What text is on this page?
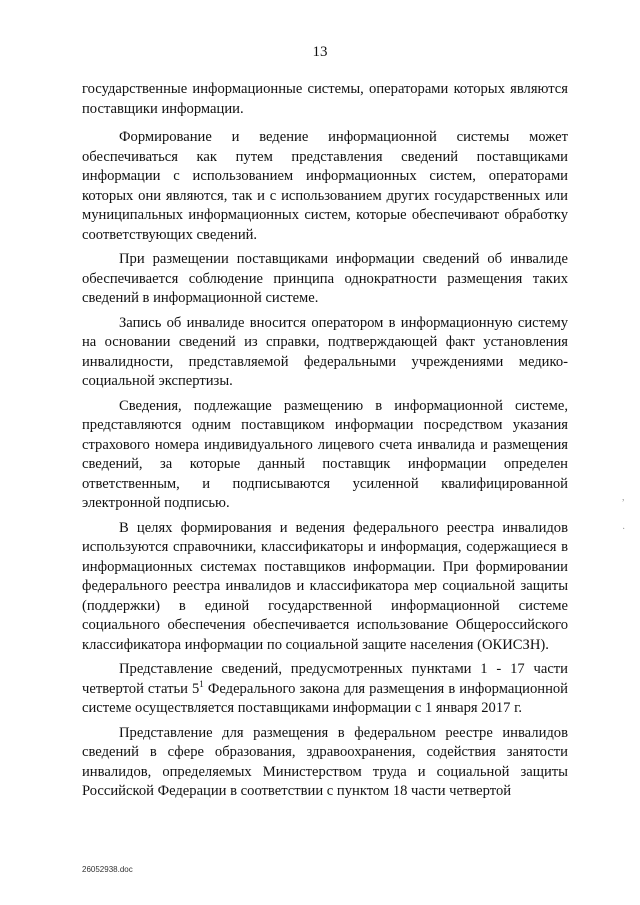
13

государственные информационные системы, операторами которых являются поставщики информации.

Формирование и ведение информационной системы может обеспечиваться как путем представления сведений поставщиками информации с использованием информационных систем, операторами которых они являются, так и с использованием других государственных или муниципальных информационных систем, которые обеспечивают обработку соответствующих сведений.

При размещении поставщиками информации сведений об инвалиде обеспечивается соблюдение принципа однократности размещения таких сведений в информационной системе.

Запись об инвалиде вносится оператором в информационную систему на основании сведений из справки, подтверждающей факт установления инвалидности, представляемой федеральными учреждениями медико-социальной экспертизы.

Сведения, подлежащие размещению в информационной системе, представляются одним поставщиком информации посредством указания страхового номера индивидуального лицевого счета инвалида и размещения сведений, за которые данный поставщик информации определен ответственным, и подписываются усиленной квалифицированной электронной подписью.

В целях формирования и ведения федерального реестра инвалидов используются справочники, классификаторы и информация, содержащиеся в информационных системах поставщиков информации. При формировании федерального реестра инвалидов и классификатора мер социальной защиты (поддержки) в единой государственной информационной системе социального обеспечения обеспечивается использование Общероссийского классификатора информации по социальной защите населения (ОКИСЗН).

Представление сведений, предусмотренных пунктами 1 - 17 части четвертой статьи $5^1$ Федерального закона для размещения в информационной системе осуществляется поставщиками информации с 1 января 2017 г.

Представление для размещения в федеральном реестре инвалидов сведений в сфере образования, здравоохранения, содействия занятости инвалидов, определяемых Министерством труда и социальной защиты Российской Федерации в соответствии с пунктом 18 части четвертой

26052938.doc
,
·
